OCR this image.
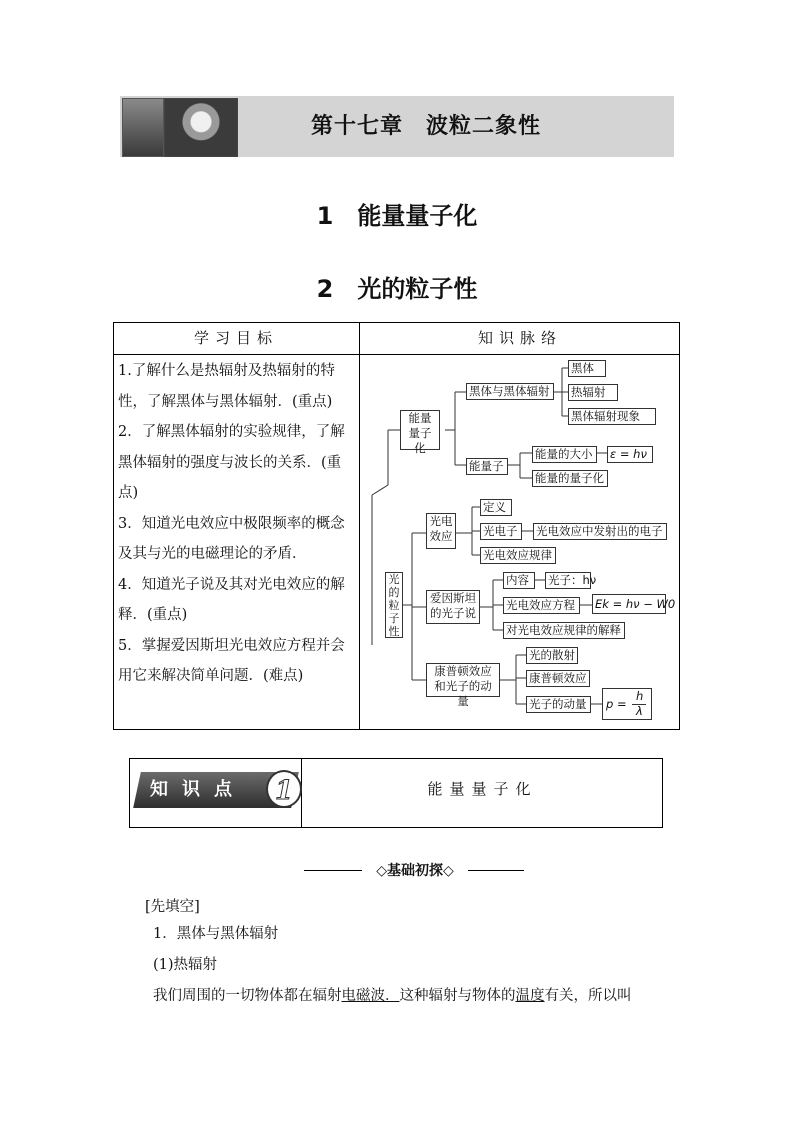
第十七章　波粒二象性
1　能量量子化
2　光的粒子性
学习目标	知识脉络

1.了解什么是热辐射及热辐射的特性，了解黑体与黑体辐射．(重点)

2．了解黑体辐射的实验规律，了解黑体辐射的强度与波长的关系．(重点)

3．知道光电效应中极限频率的概念及其与光的电磁理论的矛盾．

4．知道光子说及其对光电效应的解释．(重点)

5．掌握爱因斯坦光电效应方程并会用它来解决简单问题．(难点)

能量量子化
黑体与黑体辐射
黑体
热辐射
黑体辐射现象
能量子
能量的大小	ε = hν
能量的量子化
光的粒子性
光电效应
定义
光电子	光电效应中发射出的电子
光电效应规律
爱因斯坦的光子说
内容	光子：hν
光电效应方程	Ek = hν − W0
对光电效应规律的解释
康普顿效应和光子的动量
光的散射
康普顿效应
光子的动量	p =
h
λ
知识点	1	能量量子化
◇基础初探◇
[先填空]
1．黑体与黑体辐射
(1)热辐射
我们周围的一切物体都在辐射电磁波．这种辐射与物体的温度有关，所以叫
